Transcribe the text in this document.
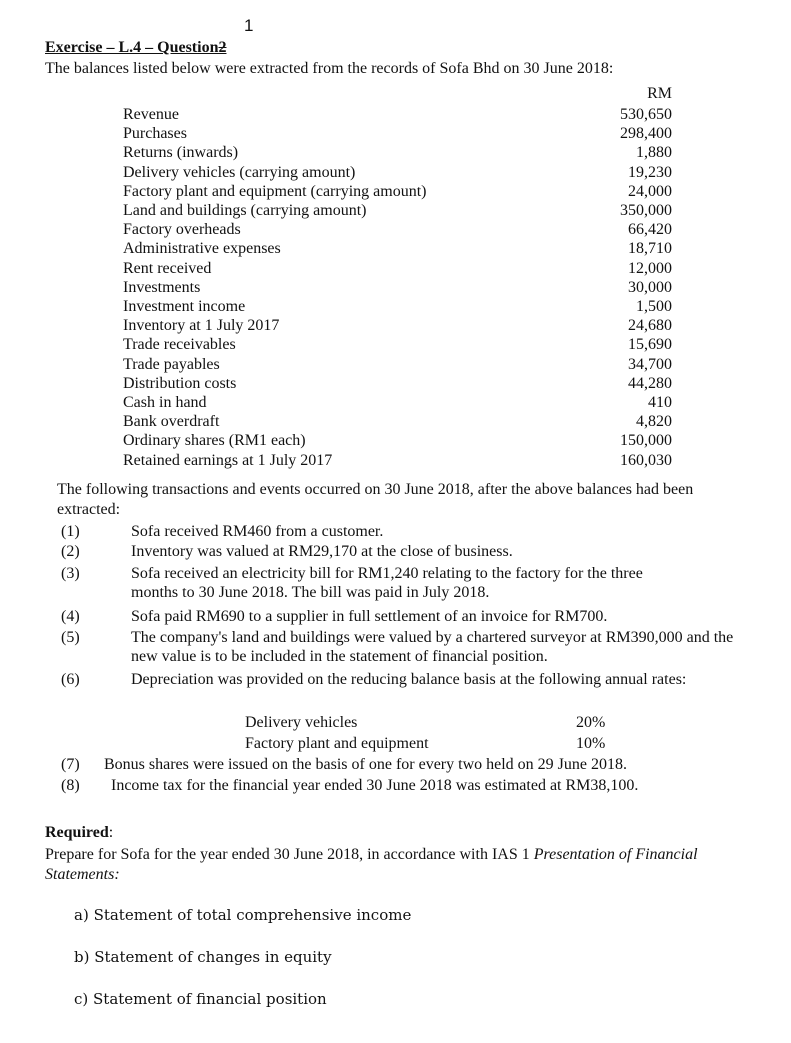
1
Exercise – L.4 – Question2
The balances listed below were extracted from the records of Sofa Bhd on 30 June 2018:
RM
Revenue	530,650
Purchases	298,400
Returns (inwards)	1,880
Delivery vehicles (carrying amount)	19,230
Factory plant and equipment (carrying amount)	24,000
Land and buildings (carrying amount)	350,000
Factory overheads	66,420
Administrative expenses	18,710
Rent received	12,000
Investments	30,000
Investment income	1,500
Inventory at 1 July 2017	24,680
Trade receivables	15,690
Trade payables	34,700
Distribution costs	44,280
Cash in hand	410
Bank overdraft	4,820
Ordinary shares (RM1 each)	150,000
Retained earnings at 1 July 2017	160,030
The following transactions and events occurred on 30 June 2018, after the above balances had been extracted:
(1)	Sofa received RM460 from a customer.
(2)	Inventory was valued at RM29,170 at the close of business.
(3)	Sofa received an electricity bill for RM1,240 relating to the factory for the three months to 30 June 2018. The bill was paid in July 2018.
(4)	Sofa paid RM690 to a supplier in full settlement of an invoice for RM700.
(5)	The company's land and buildings were valued by a chartered surveyor at RM390,000 and the new value is to be included in the statement of financial position.
(6)	Depreciation was provided on the reducing balance basis at the following annual rates:
Delivery vehicles	20%
Factory plant and equipment	10%
(7) Bonus shares were issued on the basis of one for every two held on 29 June 2018.
(8) Income tax for the financial year ended 30 June 2018 was estimated at RM38,100.
Required:
Prepare for Sofa for the year ended 30 June 2018, in accordance with IAS 1 Presentation of Financial Statements:
a) Statement of total comprehensive income
b) Statement of changes in equity
c) Statement of financial position
